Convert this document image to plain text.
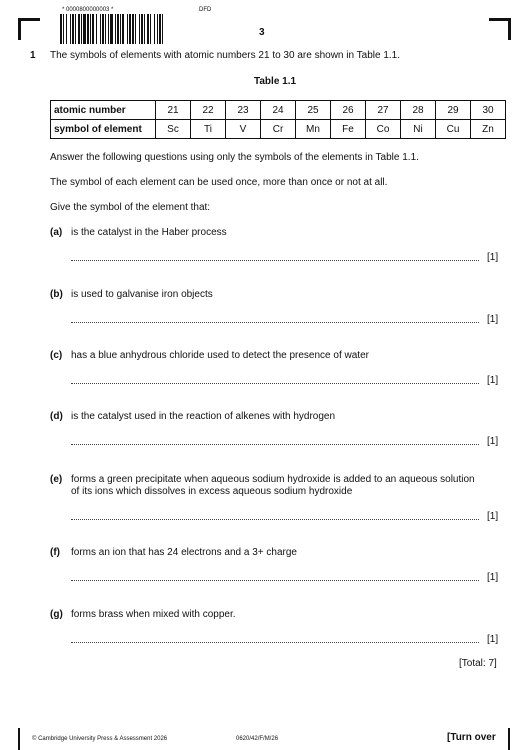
* 0000800000003 *	DFD
3
1 The symbols of elements with atomic numbers 21 to 30 are shown in Table 1.1.
Table 1.1
atomic number	21	22	23	24	25	26	27	28	29	30
symbol of element	Sc	Ti	V	Cr	Mn	Fe	Co	Ni	Cu	Zn
Answer the following questions using only the symbols of the elements in Table 1.1.
The symbol of each element can be used once, more than once or not at all.
Give the symbol of the element that:
(a) is the catalyst in the Haber process
[1]
(b) is used to galvanise iron objects
[1]
(c) has a blue anhydrous chloride used to detect the presence of water
[1]
(d) is the catalyst used in the reaction of alkenes with hydrogen
[1]
(e) forms a green precipitate when aqueous sodium hydroxide is added to an aqueous solution
of its ions which dissolves in excess aqueous sodium hydroxide
[1]
(f) forms an ion that has 24 electrons and a 3+ charge
[1]
(g) forms brass when mixed with copper.
[1]
[Total: 7]
© Cambridge University Press & Assessment 2026	0620/42/F/M/26	[Turn over
